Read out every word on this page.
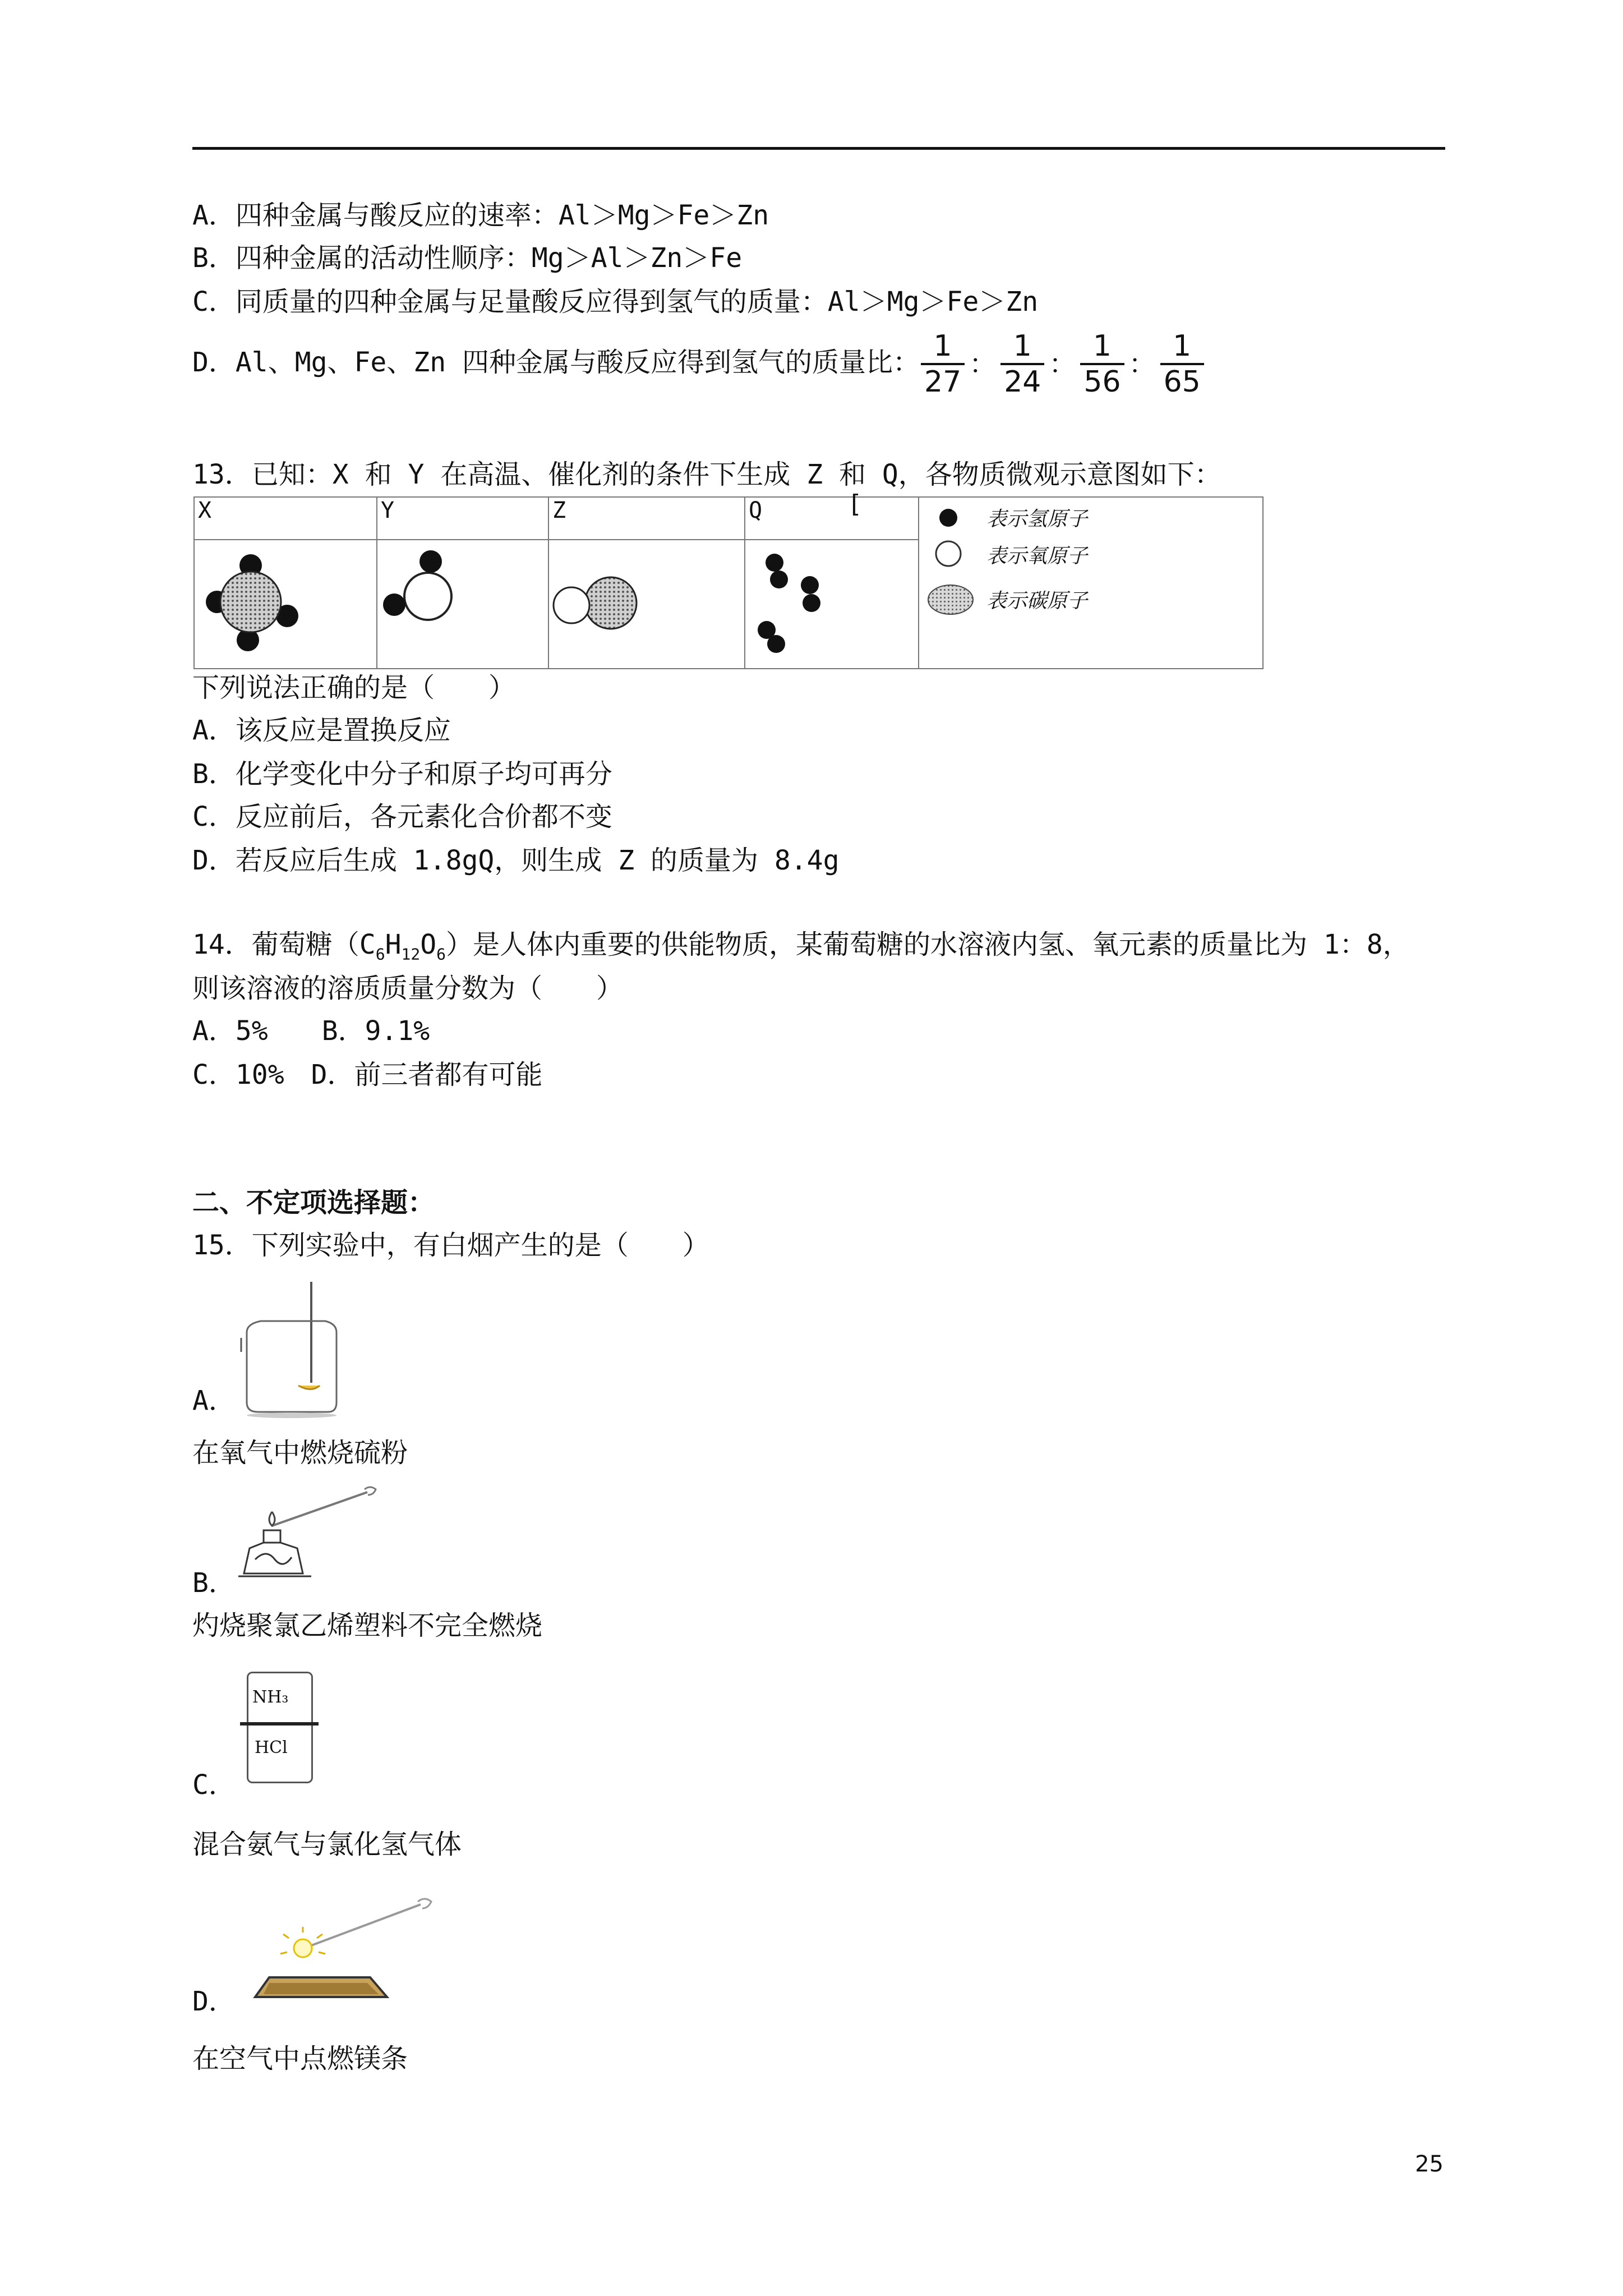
A．四种金属与酸反应的速率：Al＞Mg＞Fe＞Zn
B．四种金属的活动性顺序：Mg＞Al＞Zn＞Fe
C．同质量的四种金属与足量酸反应得到氢气的质量：Al＞Mg＞Fe＞Zn
D．Al、Mg、Fe、Zn 四种金属与酸反应得到氢气的质量比： $\frac{1}{27}$ ： $\frac{1}{24}$ ： $\frac{1}{56}$ ： $\frac{1}{65}$
13．已知：X 和 Y 在高温、催化剂的条件下生成 Z 和 Q，各物质微观示意图如下：
X	Y	Z	Q	表示氢原子
表示氧原子
表示碳原子

[

下列说法正确的是（　　）
A．该反应是置换反应
B．化学变化中分子和原子均可再分
C．反应前后，各元素化合价都不变
D．若反应后生成 1.8gQ，则生成 Z 的质量为 8.4g
14．葡萄糖$(C_6H_{12}O_6)$是人体内重要的供能物质，某葡萄糖的水溶液内氢、氧元素的质量比为 1：8，
则该溶液的溶质质量分数为（　　）
A．5%　　B．9.1%
C．10%　D．前三者都有可能
二、不定项选择题：
15．下列实验中，有白烟产生的是（　　）
A．
在氧气中燃烧硫粉
B．
灼烧聚氯乙烯塑料不完全燃烧
NH₃
HCl
C．
混合氨气与氯化氢气体
D．
在空气中点燃镁条
25
